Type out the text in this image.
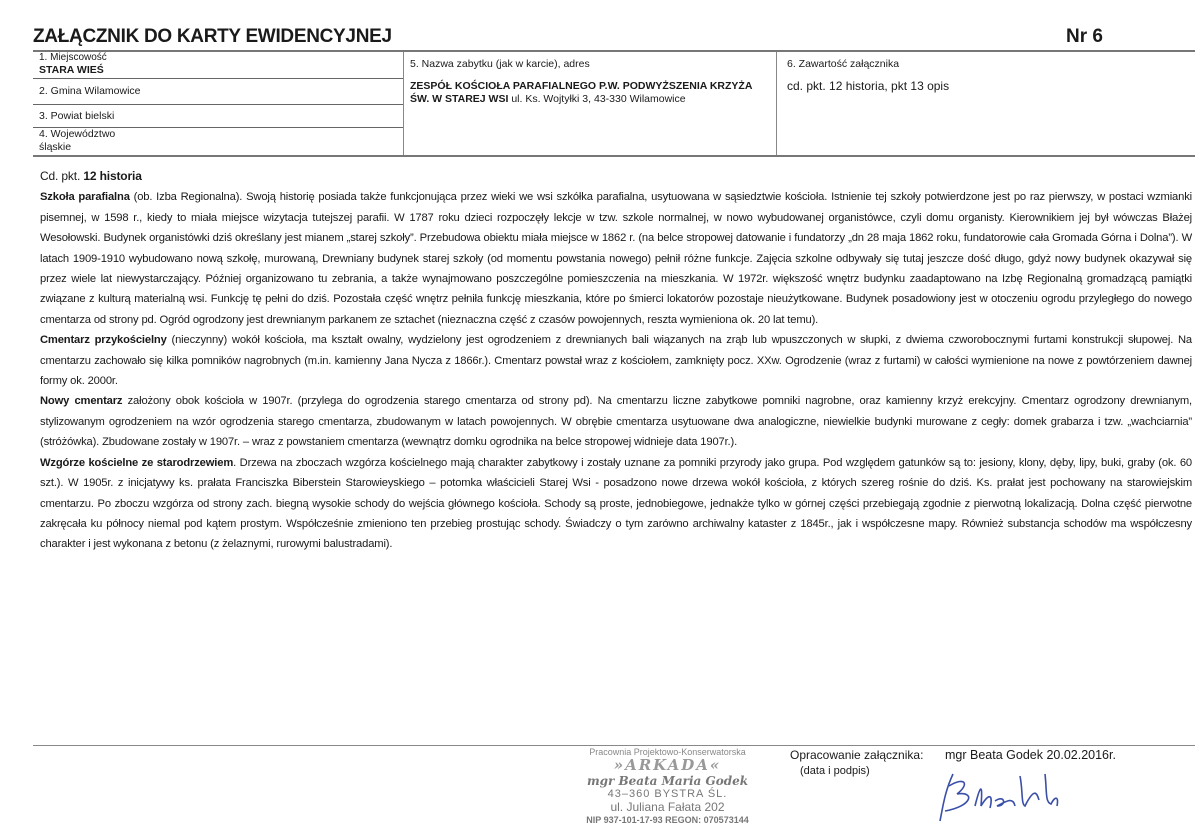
ZAŁĄCZNIK DO KARTY EWIDENCYJNEJ	Nr 6
1. Miejscowość
STARA WIEŚ
2. Gmina Wilamowice
3. Powiat bielski
4. Województwo
śląskie
5. Nazwa zabytku (jak w karcie), adres
ZESPÓŁ KOŚCIOŁA PARAFIALNEGO P.W. PODWYŻSZENIA KRZYŻA ŚW. W STAREJ WSI ul. Ks. Wojtyłki 3, 43-330 Wilamowice
6. Zawartość załącznika
cd. pkt. 12 historia, pkt 13 opis

Cd. pkt. 12 historia

Szkoła parafialna (ob. Izba Regionalna). Swoją historię posiada także funkcjonująca przez wieki we wsi szkółka parafialna, usytuowana w sąsiedztwie kościoła. Istnienie tej szkoły potwierdzone jest po raz pierwszy, w postaci wzmianki pisemnej, w 1598 r., kiedy to miała miejsce wizytacja tutejszej parafii. W 1787 roku dzieci rozpoczęły lekcje w tzw. szkole normalnej, w nowo wybudowanej organistówce, czyli domu organisty. Kierownikiem jej był wówczas Błażej Wesołowski. Budynek organistówki dziś określany jest mianem „starej szkoły”. Przebudowa obiektu miała miejsce w 1862 r. (na belce stropowej datowanie i fundatorzy „dn 28 maja 1862 roku, fundatorowie cała Gromada Górna i Dolna”). W latach 1909-1910 wybudowano nową szkołę, murowaną, Drewniany budynek starej szkoły (od momentu powstania nowego) pełnił różne funkcje. Zajęcia szkolne odbywały się tutaj jeszcze dość długo, gdyż nowy budynek okazywał się przez wiele lat niewystarczający. Później organizowano tu zebrania, a także wynajmowano poszczególne pomieszczenia na mieszkania. W 1972r. większość wnętrz budynku zaadaptowano na Izbę Regionalną gromadzącą pamiątki związane z kulturą materialną wsi. Funkcję tę pełni do dziś. Pozostała część wnętrz pełniła funkcję mieszkania, które po śmierci lokatorów pozostaje nieużytkowane. Budynek posadowiony jest w otoczeniu ogrodu przyległego do nowego cmentarza od strony pd. Ogród ogrodzony jest drewnianym parkanem ze sztachet (nieznaczna część z czasów powojennych, reszta wymieniona ok. 20 lat temu).

Cmentarz przykościelny (nieczynny) wokół kościoła, ma kształt owalny, wydzielony jest ogrodzeniem z drewnianych bali wiązanych na zrąb lub wpuszczonych w słupki, z dwiema czworobocznymi furtami konstrukcji słupowej. Na cmentarzu zachowało się kilka pomników nagrobnych (m.in. kamienny Jana Nycza z 1866r.). Cmentarz powstał wraz z kościołem, zamknięty pocz. XXw. Ogrodzenie (wraz z furtami) w całości wymienione na nowe z powtórzeniem dawnej formy ok. 2000r.

Nowy cmentarz założony obok kościoła w 1907r. (przylega do ogrodzenia starego cmentarza od strony pd). Na cmentarzu liczne zabytkowe pomniki nagrobne, oraz kamienny krzyż erekcyjny. Cmentarz ogrodzony drewnianym, stylizowanym ogrodzeniem na wzór ogrodzenia starego cmentarza, zbudowanym w latach powojennych. W obrębie cmentarza usytuowane dwa analogiczne, niewielkie budynki murowane z cegły: domek grabarza i tzw. „wachciarnia” (stróżówka). Zbudowane zostały w 1907r. – wraz z powstaniem cmentarza (wewnątrz domku ogrodnika na belce stropowej widnieje data 1907r.).

Wzgórze kościelne ze starodrzewiem. Drzewa na zboczach wzgórza kościelnego mają charakter zabytkowy i zostały uznane za pomniki przyrody jako grupa. Pod względem gatunków są to: jesiony, klony, dęby, lipy, buki, graby (ok. 60 szt.). W 1905r. z inicjatywy ks. prałata Franciszka Biberstein Starowieyskiego – potomka właścicieli Starej Wsi - posadzono nowe drzewa wokół kościoła, z których szereg rośnie do dziś. Ks. prałat jest pochowany na starowiejskim cmentarzu. Po zboczu wzgórza od strony zach. biegną wysokie schody do wejścia głównego kościoła. Schody są proste, jednobiegowe, jednakże tylko w górnej części przebiegają zgodnie z pierwotną lokalizacją. Dolna część pierwotne zakręcała ku północy niemal pod kątem prostym. Współcześnie zmieniono ten przebieg prostując schody. Świadczy o tym zarówno archiwalny kataster z 1845r., jak i współczesne mapy. Również substancja schodów ma współczesny charakter i jest wykonana z betonu (z żelaznymi, rurowymi balustradami).

Pracownia Projektowo-Konserwatorska
»ARKADA«
mgr Beata Maria Godek
43–360 BYSTRA ŚL.
ul. Juliana Fałata 202
NIP 937-101-17-93 REGON: 070573144
Opracowanie załącznika:
(data i podpis)
mgr Beata Godek 20.02.2016r.
